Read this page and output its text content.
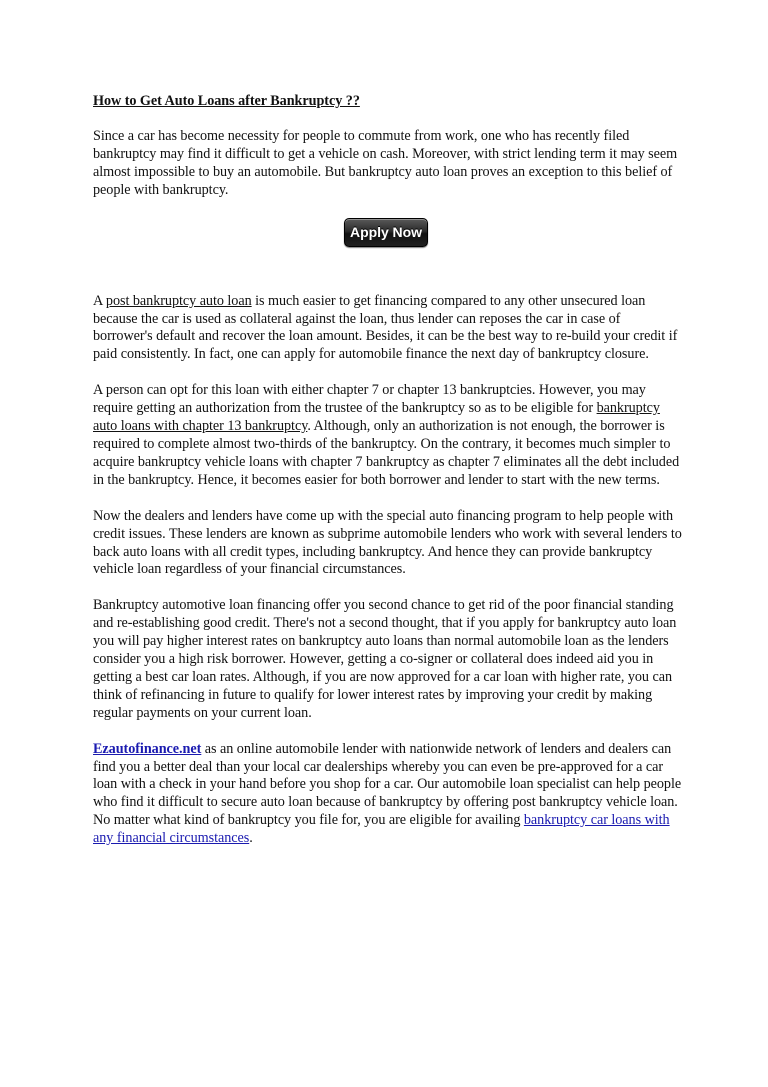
How to Get Auto Loans after Bankruptcy ??

Since a car has become necessity for people to commute from work, one who has recently filed bankruptcy may find it difficult to get a vehicle on cash. Moreover, with strict lending term it may seem almost impossible to buy an automobile. But bankruptcy auto loan proves an exception to this belief of people with bankruptcy.

Apply Now

A post bankruptcy auto loan is much easier to get financing compared to any other unsecured loan because the car is used as collateral against the loan, thus lender can reposes the car in case of borrower's default and recover the loan amount. Besides, it can be the best way to re-build your credit if paid consistently. In fact, one can apply for automobile finance the next day of bankruptcy closure.

A person can opt for this loan with either chapter 7 or chapter 13 bankruptcies. However, you may require getting an authorization from the trustee of the bankruptcy so as to be eligible for bankruptcy auto loans with chapter 13 bankruptcy. Although, only an authorization is not enough, the borrower is required to complete almost two-thirds of the bankruptcy. On the contrary, it becomes much simpler to acquire bankruptcy vehicle loans with chapter 7 bankruptcy as chapter 7 eliminates all the debt included in the bankruptcy. Hence, it becomes easier for both borrower and lender to start with the new terms.

Now the dealers and lenders have come up with the special auto financing program to help people with credit issues. These lenders are known as subprime automobile lenders who work with several lenders to back auto loans with all credit types, including bankruptcy. And hence they can provide bankruptcy vehicle loan regardless of your financial circumstances.

Bankruptcy automotive loan financing offer you second chance to get rid of the poor financial standing and re-establishing good credit. There's not a second thought, that if you apply for bankruptcy auto loan you will pay higher interest rates on bankruptcy auto loans than normal automobile loan as the lenders consider you a high risk borrower. However, getting a co-signer or collateral does indeed aid you in getting a best car loan rates. Although, if you are now approved for a car loan with higher rate, you can think of refinancing in future to qualify for lower interest rates by improving your credit by making regular payments on your current loan.

Ezautofinance.net as an online automobile lender with nationwide network of lenders and dealers can find you a better deal than your local car dealerships whereby you can even be pre-approved for a car loan with a check in your hand before you shop for a car. Our automobile loan specialist can help people who find it difficult to secure auto loan because of bankruptcy by offering post bankruptcy vehicle loan. No matter what kind of bankruptcy you file for, you are eligible for availing bankruptcy car loans with any financial circumstances.
